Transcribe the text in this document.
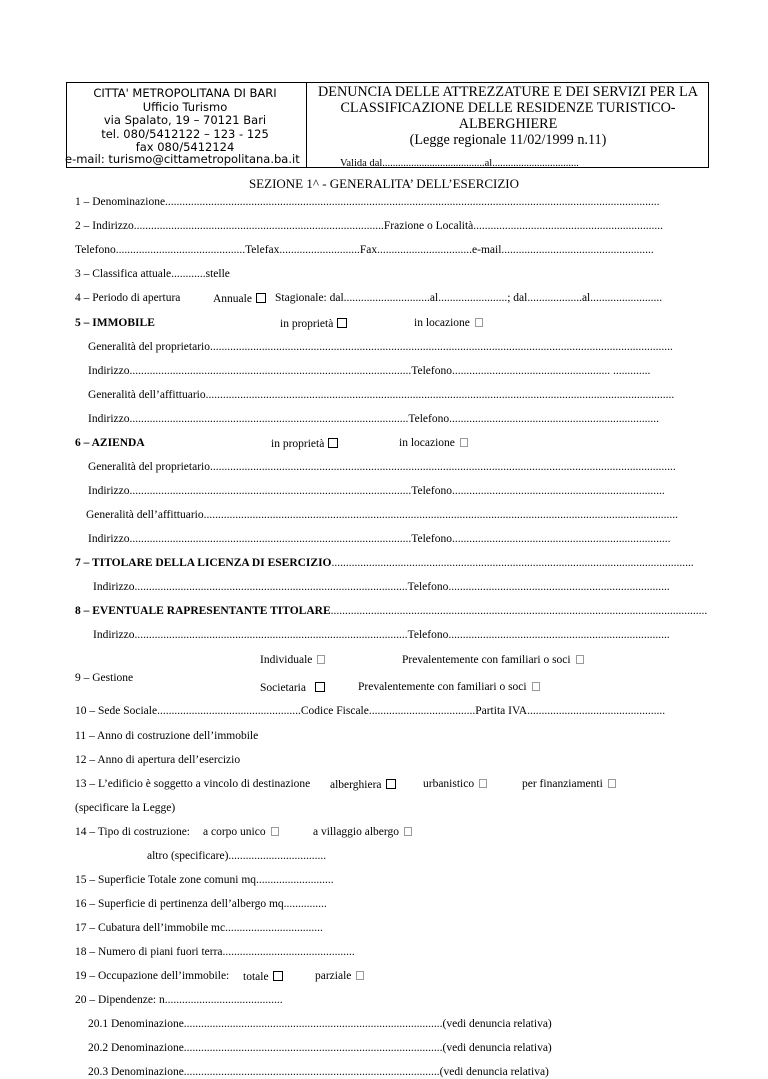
CITTA' METROPOLITANA DI BARI
Ufficio Turismo
via Spalato, 19 – 70121 Bari
tel. 080/5412122 – 123 - 125
fax 080/5412124
e-mail: turismo@cittametropolitana.ba.it
DENUNCIA DELLE ATTREZZATURE E DEI SERVIZI PER LA
CLASSIFICAZIONE DELLE RESIDENZE TURISTICO-
ALBERGHIERE
(Legge regionale 11/02/1999 n.11)
Valida dal.......................................al.................................
SEZIONE 1^ - GENERALITA’ DELL’ESERCIZIO
1 – Denominazione............................................................................................................................................................................
2 – Indirizzo.......................................................................................Frazione o Località..................................................................
Telefono.............................................Telefax............................Fax.................................e-mail.....................................................
3 – Classifica attuale............stelle
4 – Periodo di apertura	Annuale	Stagionale: dal..............................al........................; dal...................al.........................
5 – IMMOBILE	in proprietà	in locazione
Generalità del proprietario.................................................................................................................................................................
Indirizzo..................................................................................................Telefono....................................................... .............
Generalità dell’affittuario...................................................................................................................................................................
Indirizzo.................................................................................................Telefono.........................................................................
6 – AZIENDA	in proprietà	in locazione
Generalità del proprietario..................................................................................................................................................................
Indirizzo..................................................................................................Telefono..........................................................................
Generalità dell’affittuario.....................................................................................................................................................................
Indirizzo..................................................................................................Telefono............................................................................
7 – TITOLARE DELLA LICENZA DI ESERCIZIO..............................................................................................................................
Indirizzo...............................................................................................Telefono.............................................................................
8 – EVENTUALE RAPRESENTANTE TITOLARE...................................................................................................................................
Indirizzo...............................................................................................Telefono.............................................................................
9 – Gestione
Individuale	Prevalentemente con familiari o soci
Societaria	Prevalentemente con familiari o soci
10 – Sede Sociale..................................................Codice Fiscale.....................................Partita IVA................................................
11 – Anno di costruzione dell’immobile
12 – Anno di apertura dell’esercizio
13 – L’edificio è soggetto a vincolo di destinazione alberghiera	urbanistico	per finanziamenti
(specificare la Legge)
14 – Tipo di costruzione: a corpo unico	a villaggio albergo
altro (specificare)..................................
15 – Superficie Totale zone comuni mq...........................
16 – Superficie di pertinenza dell’albergo mq...............
17 – Cubatura dell’immobile mc..................................
18 – Numero di piani fuori terra..............................................
19 – Occupazione dell’immobile: totale	parziale
20 – Dipendenze: n.........................................
20.1 Denominazione..........................................................................................(vedi denuncia relativa)
20.2 Denominazione..........................................................................................(vedi denuncia relativa)
20.3 Denominazione.........................................................................................(vedi denuncia relativa)
